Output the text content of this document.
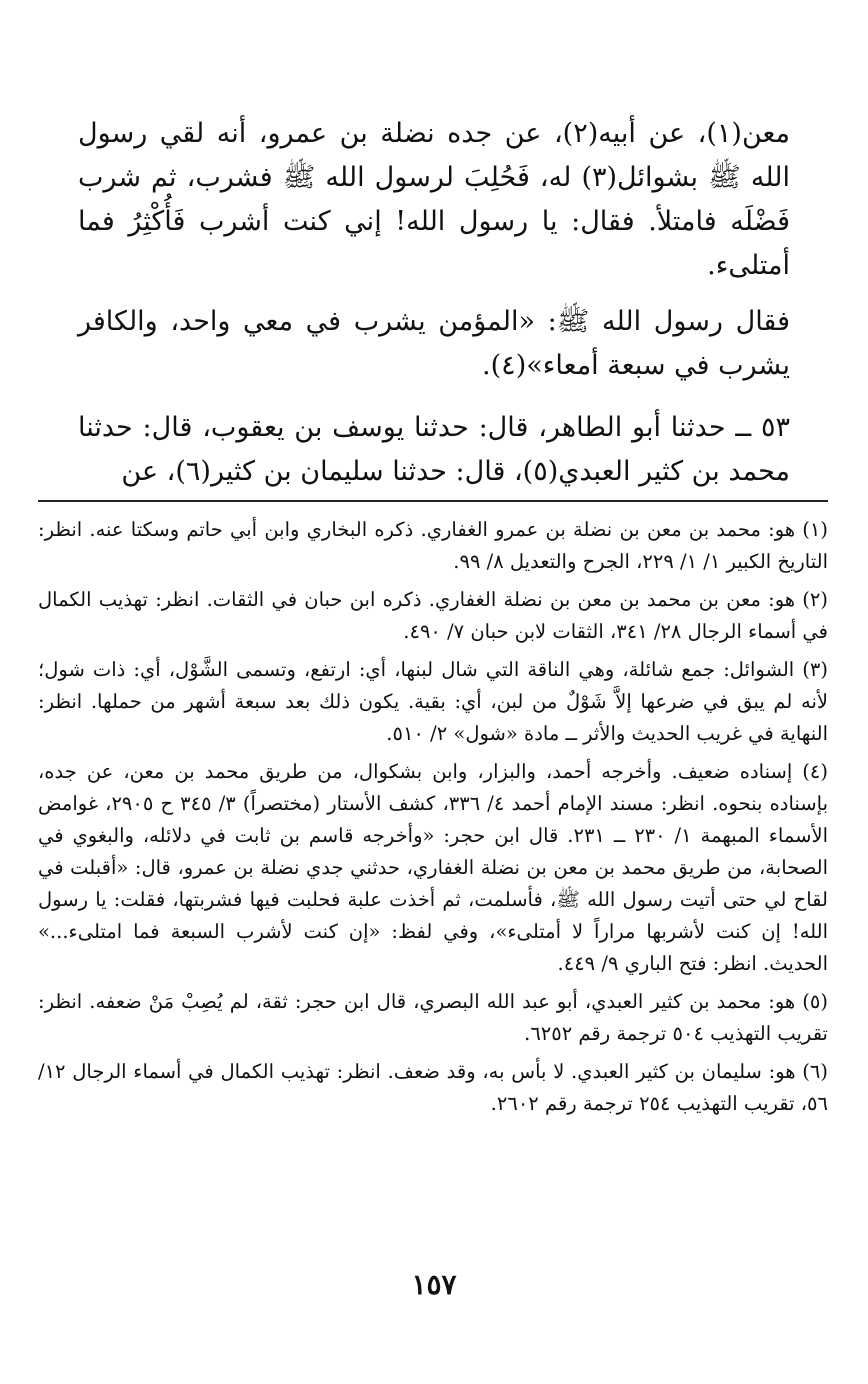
معن(١)، عن أبيه(٢)، عن جده نضلة بن عمرو، أنه لقي رسول الله ﷺ بشوائل(٣) له، فَحُلِبَ لرسول الله ﷺ فشرب، ثم شرب فَضْلَه فامتلأ. فقال: يا رسول الله! إني كنت أشرب فَأُكْثِرُ فما أمتلىء.

فقال رسول الله ﷺ: «المؤمن يشرب في معي واحد، والكافر يشرب في سبعة أمعاء»(٤).

٥٣ ــ حدثنا أبو الطاهر، قال: حدثنا يوسف بن يعقوب، قال: حدثنا محمد بن كثير العبدي(٥)، قال: حدثنا سليمان بن كثير(٦)، عن

(١) هو: محمد بن معن بن نضلة بن عمرو الغفاري. ذكره البخاري وابن أبي حاتم وسكتا عنه. انظر: التاريخ الكبير ١/ ١/ ٢٢٩، الجرح والتعديل ٨/ ٩٩.

(٢) هو: معن بن محمد بن معن بن نضلة الغفاري. ذكره ابن حبان في الثقات. انظر: تهذيب الكمال في أسماء الرجال ٢٨/ ٣٤١، الثقات لابن حبان ٧/ ٤٩٠.

(٣) الشوائل: جمع شائلة، وهي الناقة التي شال لبنها، أي: ارتفع، وتسمى الشَّوْل، أي: ذات شول؛ لأنه لم يبق في ضرعها إلاَّ شَوْلٌ من لبن، أي: بقية. يكون ذلك بعد سبعة أشهر من حملها. انظر: النهاية في غريب الحديث والأثر ــ مادة «شول» ٢/ ٥١٠.

(٤) إسناده ضعيف. وأخرجه أحمد، والبزار، وابن بشكوال، من طريق محمد بن معن، عن جده، بإسناده بنحوه. انظر: مسند الإمام أحمد ٤/ ٣٣٦، كشف الأستار (مختصراً) ٣/ ٣٤٥ ح ٢٩٠٥، غوامض الأسماء المبهمة ١/ ٢٣٠ ــ ٢٣١. قال ابن حجر: «وأخرجه قاسم بن ثابت في دلائله، والبغوي في الصحابة، من طريق محمد بن معن بن نضلة الغفاري، حدثني جدي نضلة بن عمرو، قال: «أقبلت في لقاح لي حتى أتيت رسول الله ﷺ، فأسلمت، ثم أخذت علبة فحلبت فيها فشربتها، فقلت: يا رسول الله! إن كنت لأشربها مراراً لا أمتلىء»، وفي لفظ: «إن كنت لأشرب السبعة فما امتلىء...» الحديث. انظر: فتح الباري ٩/ ٤٤٩.

(٥) هو: محمد بن كثير العبدي، أبو عبد الله البصري، قال ابن حجر: ثقة، لم يُصِبْ مَنْ ضعفه. انظر: تقريب التهذيب ٥٠٤ ترجمة رقم ٦٢٥٢.

(٦) هو: سليمان بن كثير العبدي. لا بأس به، وقد ضعف. انظر: تهذيب الكمال في أسماء الرجال ١٢/ ٥٦، تقريب التهذيب ٢٥٤ ترجمة رقم ٢٦٠٢.

١٥٧
